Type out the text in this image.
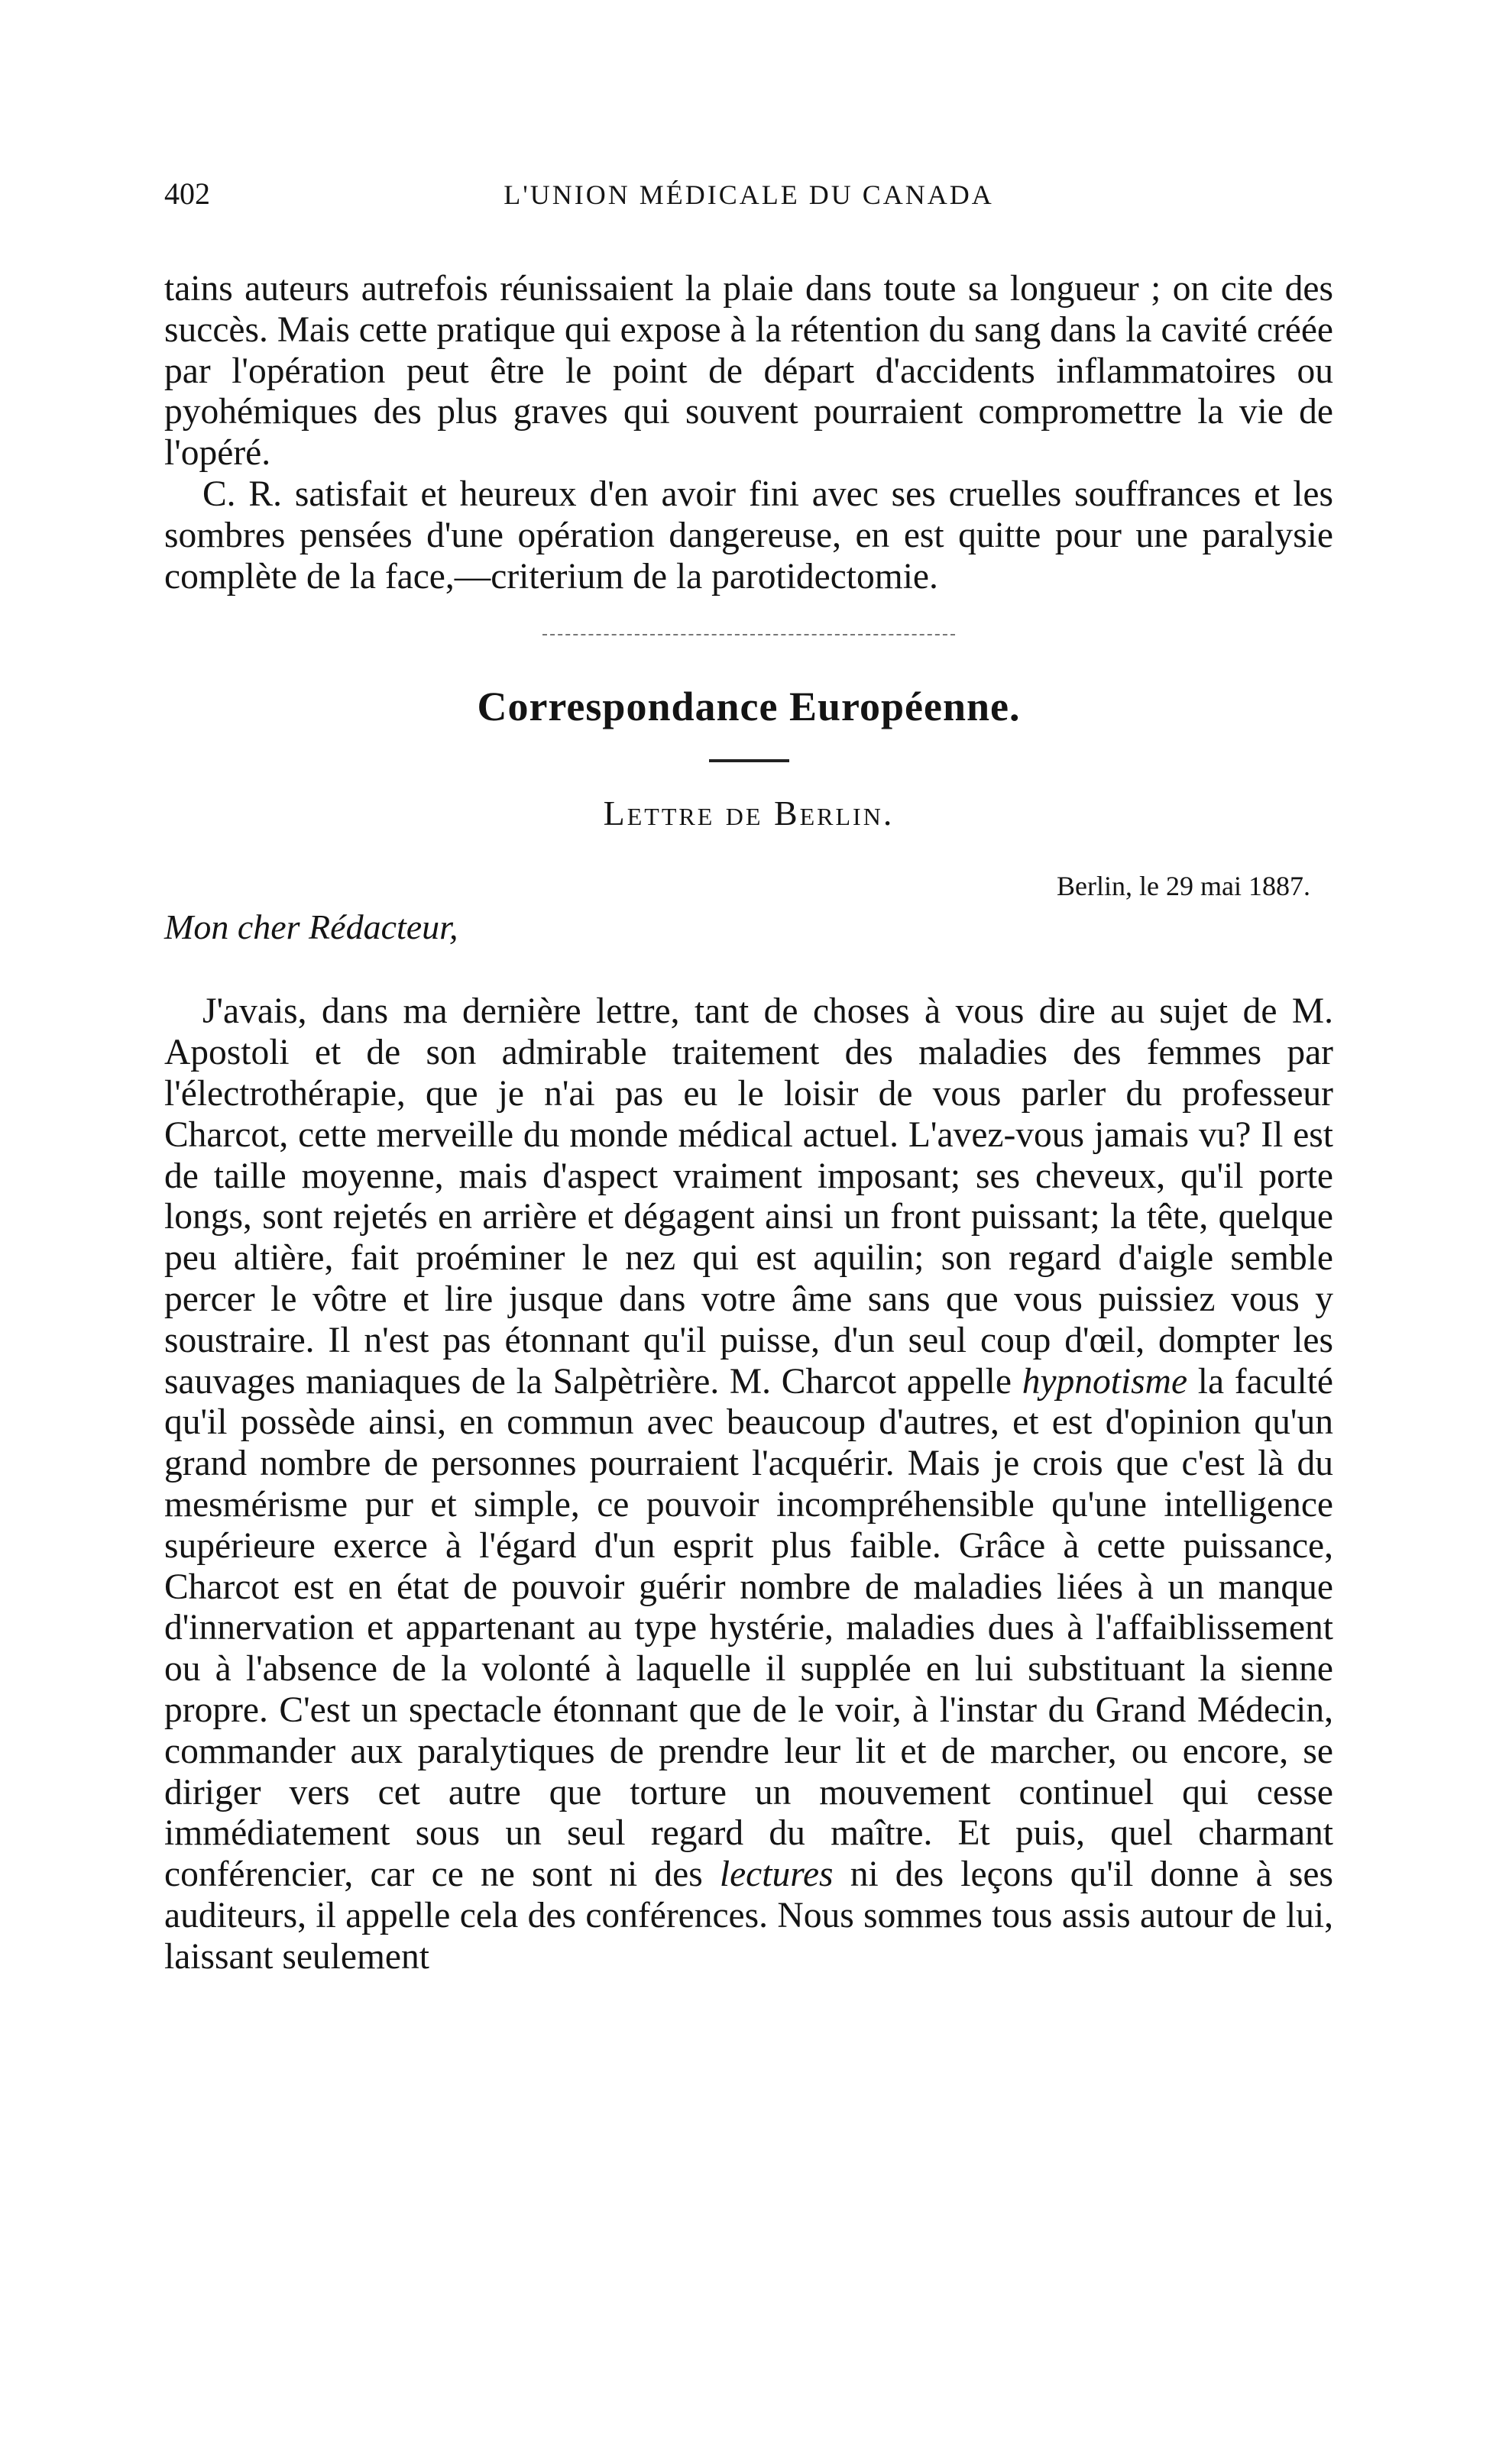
402	L'UNION MÉDICALE DU CANADA

tains auteurs autrefois réunissaient la plaie dans toute sa longueur ; on cite des succès. Mais cette pratique qui expose à la rétention du sang dans la cavité créée par l'opération peut être le point de départ d'accidents inflammatoires ou pyohémiques des plus graves qui souvent pourraient compromettre la vie de l'opéré.

C. R. satisfait et heureux d'en avoir fini avec ses cruelles souffrances et les sombres pensées d'une opération dangereuse, en est quitte pour une paralysie complète de la face,—criterium de la parotidectomie.

Correspondance Européenne.
Lettre de Berlin.
Berlin, le 29 mai 1887.
Mon cher Rédacteur,

J'avais, dans ma dernière lettre, tant de choses à vous dire au sujet de M. Apostoli et de son admirable traitement des maladies des femmes par l'électrothérapie, que je n'ai pas eu le loisir de vous parler du professeur Charcot, cette merveille du monde médical actuel. L'avez-vous jamais vu? Il est de taille moyenne, mais d'aspect vraiment imposant; ses cheveux, qu'il porte longs, sont rejetés en arrière et dégagent ainsi un front puissant; la tête, quelque peu altière, fait proéminer le nez qui est aquilin; son regard d'aigle semble percer le vôtre et lire jusque dans votre âme sans que vous puissiez vous y soustraire. Il n'est pas étonnant qu'il puisse, d'un seul coup d'œil, dompter les sauvages maniaques de la Salpètrière. M. Charcot appelle hypnotisme la faculté qu'il possède ainsi, en commun avec beaucoup d'autres, et est d'opinion qu'un grand nombre de personnes pourraient l'acquérir. Mais je crois que c'est là du mesmérisme pur et simple, ce pouvoir incompréhensible qu'une intelligence supérieure exerce à l'égard d'un esprit plus faible. Grâce à cette puissance, Charcot est en état de pouvoir guérir nombre de maladies liées à un manque d'innervation et appartenant au type hystérie, maladies dues à l'affaiblissement ou à l'absence de la volonté à laquelle il supplée en lui substituant la sienne propre. C'est un spectacle étonnant que de le voir, à l'instar du Grand Médecin, commander aux paralytiques de prendre leur lit et de marcher, ou encore, se diriger vers cet autre que torture un mouvement continuel qui cesse immédiatement sous un seul regard du maître. Et puis, quel charmant conférencier, car ce ne sont ni des lectures ni des leçons qu'il donne à ses auditeurs, il appelle cela des conférences. Nous sommes tous assis autour de lui, laissant seulement
